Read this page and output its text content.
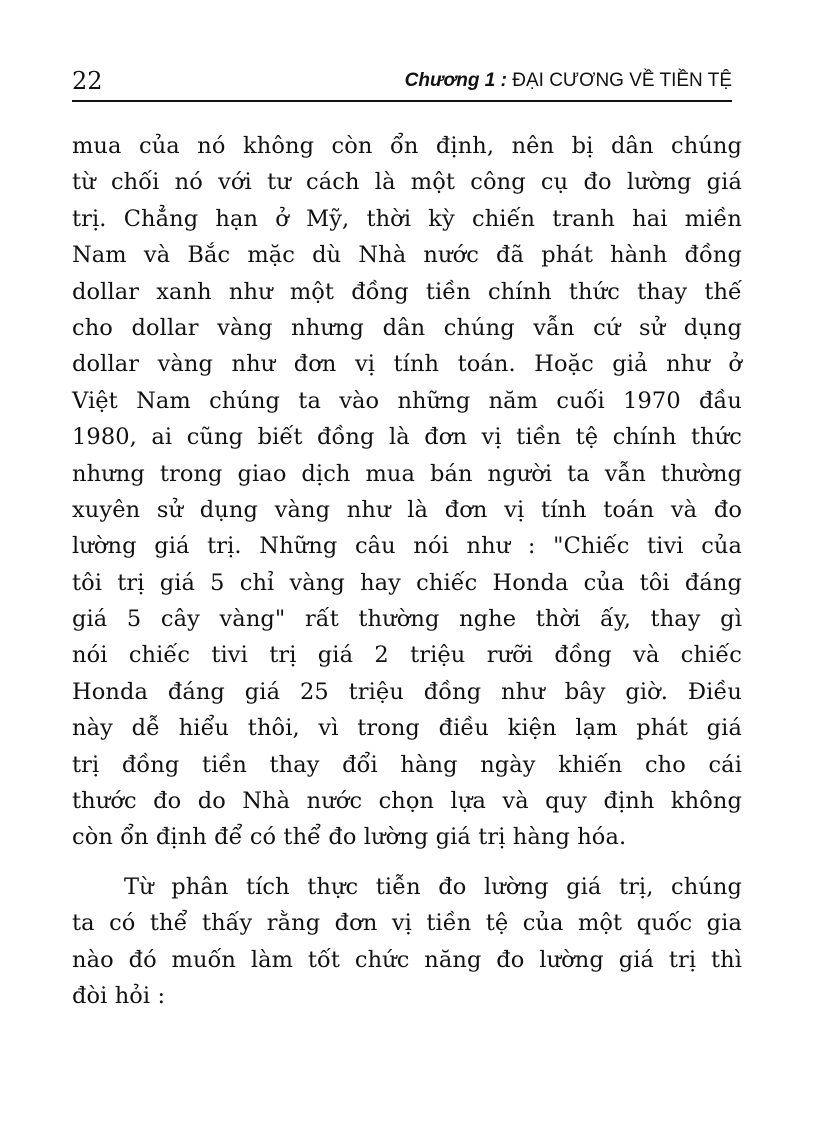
22	Chương 1 : ĐẠI CƯƠNG VỀ TIỀN TỆ
mua của nó không còn ổn định, nên bị dân chúng
từ chối nó với tư cách là một công cụ đo lường giá
trị. Chẳng hạn ở Mỹ, thời kỳ chiến tranh hai miền
Nam và Bắc mặc dù Nhà nước đã phát hành đồng
dollar xanh như một đồng tiền chính thức thay thế
cho dollar vàng nhưng dân chúng vẫn cứ sử dụng
dollar vàng như đơn vị tính toán. Hoặc giả như ở
Việt Nam chúng ta vào những năm cuối 1970 đầu
1980, ai cũng biết đồng là đơn vị tiền tệ chính thức
nhưng trong giao dịch mua bán người ta vẫn thường
xuyên sử dụng vàng như là đơn vị tính toán và đo
lường giá trị. Những câu nói như : "Chiếc tivi của
tôi trị giá 5 chỉ vàng hay chiếc Honda của tôi đáng
giá 5 cây vàng" rất thường nghe thời ấy, thay gì
nói chiếc tivi trị giá 2 triệu rưỡi đồng và chiếc
Honda đáng giá 25 triệu đồng như bây giờ. Điều
này dễ hiểu thôi, vì trong điều kiện lạm phát giá
trị đồng tiền thay đổi hàng ngày khiến cho cái
thước đo do Nhà nước chọn lựa và quy định không
còn ổn định để có thể đo lường giá trị hàng hóa.
Từ phân tích thực tiễn đo lường giá trị, chúng
ta có thể thấy rằng đơn vị tiền tệ của một quốc gia
nào đó muốn làm tốt chức năng đo lường giá trị thì
đòi hỏi :
